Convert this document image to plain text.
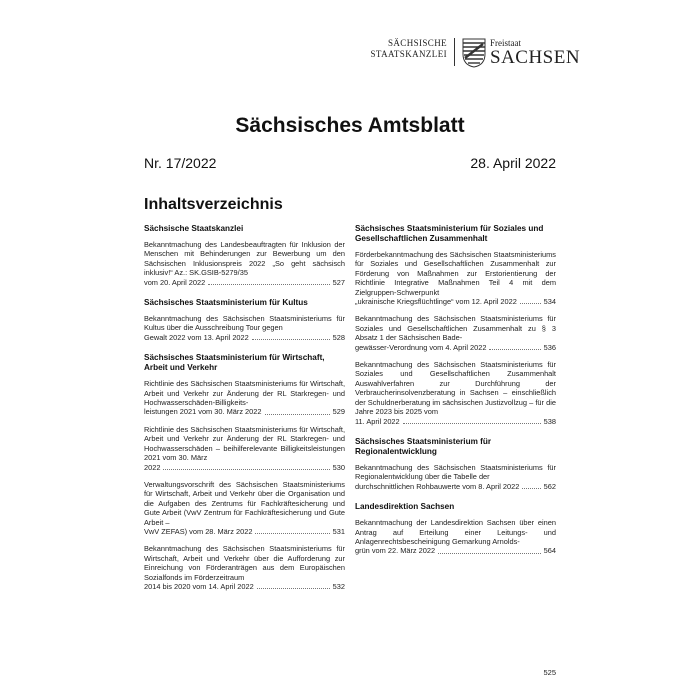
SÄCHSISCHE
STAATSKANZLEI
Freistaat
SACHSEN
Sächsisches Amtsblatt
Nr. 17/2022	28. April 2022
Inhaltsverzeichnis
Sächsische Staatskanzlei
Bekanntmachung des Landesbeauftragten für Inklusion der Menschen mit Behinderungen zur Bewerbung um den Sächsischen Inklusionspreis 2022 „So geht sächsisch inklusiv!“ Az.: SK.GSIB-5279/35
vom 20. April 2022	527
Sächsisches Staatsministerium für Kultus
Bekanntmachung des Sächsischen Staatsministeriums für Kultus über die Ausschreibung Tour gegen
Gewalt 2022 vom 13. April 2022	528
Sächsisches Staatsministerium für Wirtschaft, Arbeit und Verkehr
Richtlinie des Sächsischen Staatsministeriums für Wirtschaft, Arbeit und Verkehr zur Änderung der RL Starkregen- und Hochwasserschäden-Billigkeits-
leistungen 2021 vom 30. März 2022	529
Richtlinie des Sächsischen Staatsministeriums für Wirtschaft, Arbeit und Verkehr zur Änderung der RL Starkregen- und Hochwasserschäden – beihilferelevante Billigkeitsleistungen 2021 vom 30. März
2022	530
Verwaltungsvorschrift des Sächsischen Staatsministeriums für Wirtschaft, Arbeit und Verkehr über die Organisation und die Aufgaben des Zentrums für Fachkräftesicherung und Gute Arbeit (VwV Zentrum für Fachkräftesicherung und Gute Arbeit –
VwV ZEFAS) vom 28. März 2022	531
Bekanntmachung des Sächsischen Staatsministeriums für Wirtschaft, Arbeit und Verkehr über die Aufforderung zur Einreichung von Förderanträgen aus dem Europäischen Sozialfonds im Förderzeitraum
2014 bis 2020 vom 14. April 2022	532
Sächsisches Staatsministerium für Soziales und Gesellschaftlichen Zusammenhalt
Förderbekanntmachung des Sächsischen Staatsministeriums für Soziales und Gesellschaftlichen Zusammenhalt zur Förderung von Maßnahmen zur Erstorientierung der Richtlinie Integrative Maßnahmen Teil 4 mit dem Zielgruppen-Schwerpunkt
„ukrainische Kriegsflüchtlinge“ vom 12. April 2022	534
Bekanntmachung des Sächsischen Staatsministeriums für Soziales und Gesellschaftlichen Zusammenhalt zu § 3 Absatz 1 der Sächsischen Bade-
gewässer-Verordnung vom 4. April 2022	536
Bekanntmachung des Sächsischen Staatsministeriums für Soziales und Gesellschaftlichen Zusammenhalt Auswahlverfahren zur Durchführung der Verbraucherinsolvenzberatung in Sachsen – einschließlich der Schuldnerberatung im sächsischen Justizvollzug – für die Jahre 2023 bis 2025 vom
11. April 2022	538
Sächsisches Staatsministerium für Regionalentwicklung
Bekanntmachung des Sächsischen Staatsministeriums für Regionalentwicklung über die Tabelle der
durchschnittlichen Rohbauwerte vom 8. April 2022	562
Landesdirektion Sachsen
Bekanntmachung der Landesdirektion Sachsen über einen Antrag auf Erteilung einer Leitungs- und Anlagenrechtsbescheinigung Gemarkung Arnolds-
grün vom 22. März 2022	564
525
